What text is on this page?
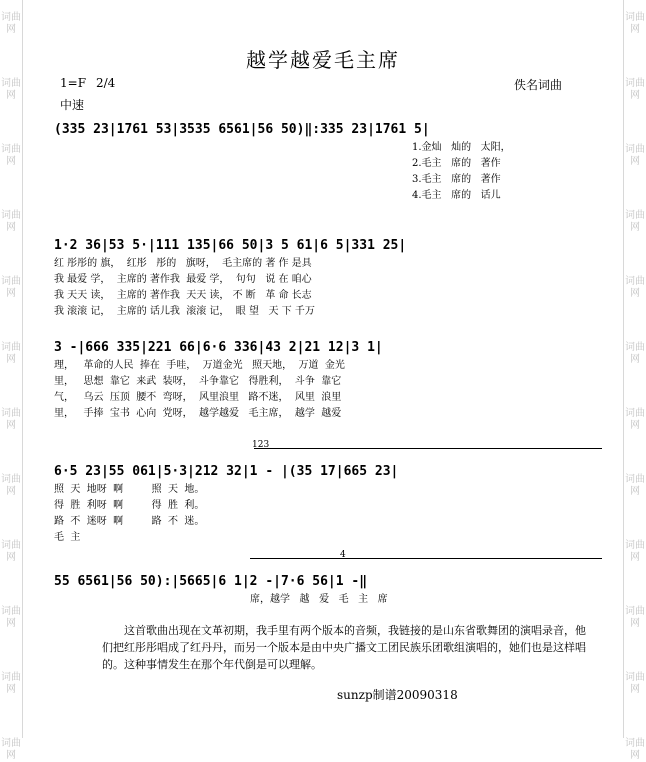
词曲网
词曲网
词曲网
词曲网
词曲网
词曲网
词曲网
词曲网
词曲网
词曲网
词曲网
词曲网
词曲网
词曲网
词曲网
词曲网
词曲网
词曲网
词曲网
词曲网
词曲网
词曲网
词曲网
词曲网
越学越爱毛主席
1=F 2/4
中速
佚名词曲
(335 23|1761 53|3535 6561|56 50)‖:335 23|1761 5|
1.金灿   灿的   太阳，
2.毛主   席的   著作
3.毛主   席的   著作
4.毛主   席的   话儿
1·2 36|53 5·|111 135|66 50|3 5 61|6 5|331 25|
红 彤彤的 旗，  红彤   彤的   旗呀，  毛主席的 著 作 是具
我 最爱 学，  主席的 著作我  最爱 学，  句句   说 在 咱心
我 天天 读，  主席的 著作我  天天 读， 不 断   革 命 长志
我 滚滚 记，  主席的 话儿我  滚滚 记，  眼 望   天 下 千万
3 -|666 335|221 66|6·6 336|43 2|21 12|3 1|
理，   革命的人民  捧在  手哇，  万道金光   照天地，  万道  金光
里，   思想  靠它  来武  装呀，  斗争靠它   得胜利，  斗争  靠它
气，   乌云  压顶  腰不  弯呀，  风里浪里   路不迷，  风里  浪里
里，   手捧  宝书  心向  党呀，  越学越爱   毛主席，  越学  越爱
123
6·5 23|55 061|5·3|212 32|1 - |(35 17|665 23|
照  天  地呀  啊         照  天  地。
得  胜  利呀  啊         得  胜  利。
路  不  迷呀  啊         路  不  迷。
毛  主
4
55 6561|56 50):|5665|6 1|2 -|7·6 56|1 -‖
席，越学   越   爱   毛   主   席
这首歌曲出现在文革初期，我手里有两个版本的音频，我链接的是山东省歌舞团的演唱录音，他们把红彤彤唱成了红丹丹，而另一个版本是由中央广播文工团民族乐团歌组演唱的，她们也是这样唱的。这种事情发生在那个年代倒是可以理解。
sunzp制谱20090318
